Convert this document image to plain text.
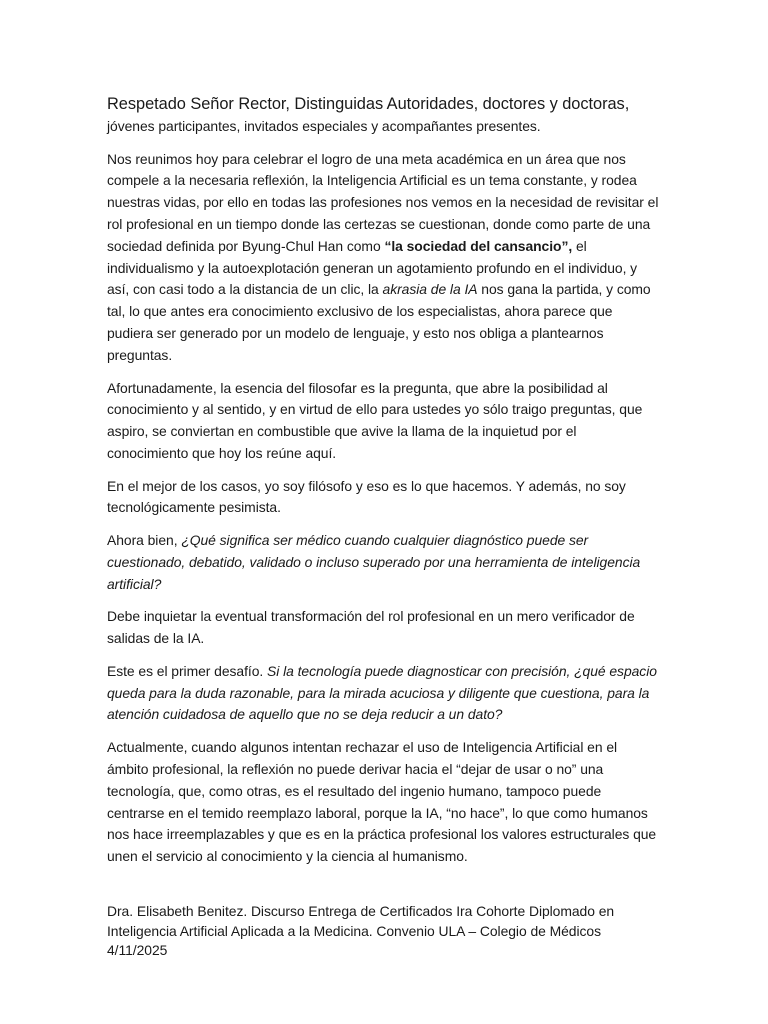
Respetado Señor Rector, Distinguidas Autoridades, doctores y doctoras,
jóvenes participantes, invitados especiales y acompañantes presentes.

Nos reunimos hoy para celebrar el logro de una meta académica en un área que nos compele a la necesaria reflexión, la Inteligencia Artificial es un tema constante, y rodea nuestras vidas, por ello en todas las profesiones nos vemos en la necesidad de revisitar el rol profesional en un tiempo donde las certezas se cuestionan, donde como parte de una sociedad definida por Byung-Chul Han como “la sociedad del cansancio”, el individualismo y la autoexplotación generan un agotamiento profundo en el individuo, y así, con casi todo a la distancia de un clic, la akrasia de la IA nos gana la partida, y como tal, lo que antes era conocimiento exclusivo de los especialistas, ahora parece que pudiera ser generado por un modelo de lenguaje, y esto nos obliga a plantearnos preguntas.

Afortunadamente, la esencia del filosofar es la pregunta, que abre la posibilidad al conocimiento y al sentido, y en virtud de ello para ustedes yo sólo traigo preguntas, que aspiro, se conviertan en combustible que avive la llama de la inquietud por el conocimiento que hoy los reúne aquí.

En el mejor de los casos, yo soy filósofo y eso es lo que hacemos. Y además, no soy tecnológicamente pesimista.

Ahora bien, ¿Qué significa ser médico cuando cualquier diagnóstico puede ser cuestionado, debatido, validado o incluso superado por una herramienta de inteligencia artificial?

Debe inquietar la eventual transformación del rol profesional en un mero verificador de salidas de la IA.

Este es el primer desafío. Si la tecnología puede diagnosticar con precisión, ¿qué espacio queda para la duda razonable, para la mirada acuciosa y diligente que cuestiona, para la atención cuidadosa de aquello que no se deja reducir a un dato?

Actualmente, cuando algunos intentan rechazar el uso de Inteligencia Artificial en el ámbito profesional, la reflexión no puede derivar hacia el “dejar de usar o no” una tecnología, que, como otras, es el resultado del ingenio humano, tampoco puede centrarse en el temido reemplazo laboral, porque la IA, “no hace”, lo que como humanos nos hace irreemplazables y que es en la práctica profesional los valores estructurales que unen el servicio al conocimiento y la ciencia al humanismo.

Dra. Elisabeth Benitez. Discurso Entrega de Certificados Ira Cohorte Diplomado en
Inteligencia Artificial Aplicada a la Medicina. Convenio ULA – Colegio de Médicos
4/11/2025
